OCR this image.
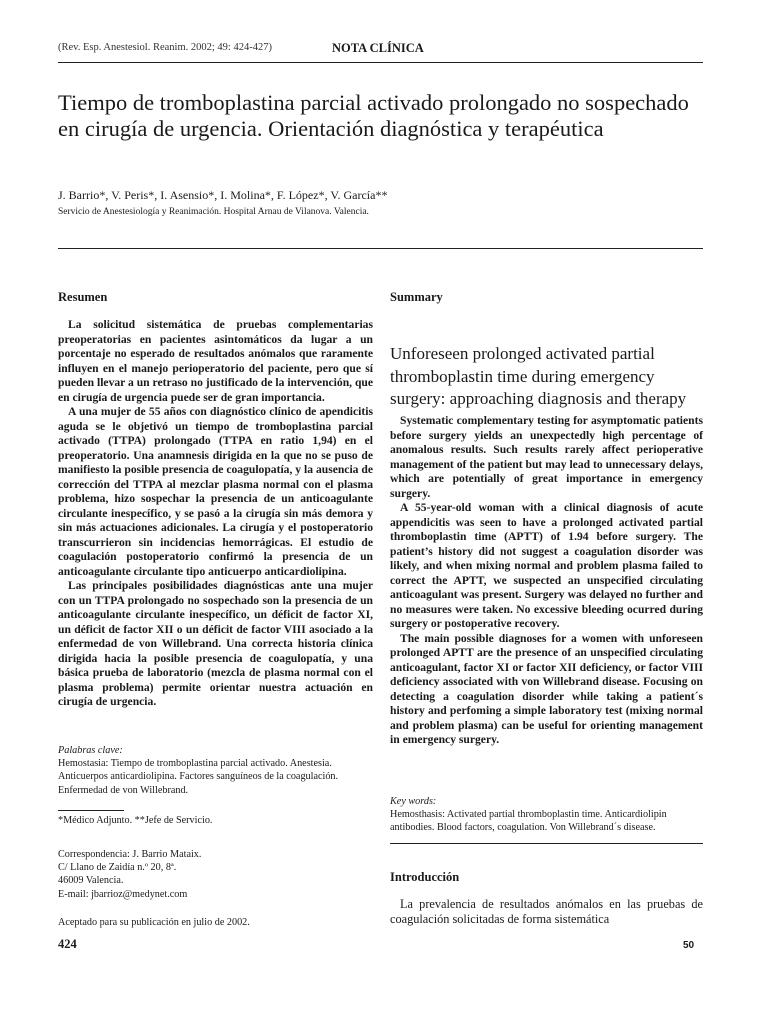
(Rev. Esp. Anestesiol. Reanim. 2002; 49: 424-427)	NOTA CLÍNICA
Tiempo de tromboplastina parcial activado prolongado no sospechado en cirugía de urgencia. Orientación diagnóstica y terapéutica
J. Barrio*, V. Peris*, I. Asensio*, I. Molina*, F. López*, V. García**
Servicio de Anestesiología y Reanimación. Hospital Arnau de Vilanova. Valencia.
Resumen

La solicitud sistemática de pruebas complementarias preoperatorias en pacientes asintomáticos da lugar a un porcentaje no esperado de resultados anómalos que raramente influyen en el manejo perioperatorio del paciente, pero que sí pueden llevar a un retraso no justificado de la intervención, que en cirugía de urgencia puede ser de gran importancia.

A una mujer de 55 años con diagnóstico clínico de apendicitis aguda se le objetivó un tiempo de tromboplastina parcial activado (TTPA) prolongado (TTPA en ratio 1,94) en el preoperatorio. Una anamnesis dirigida en la que no se puso de manifiesto la posible presencia de coagulopatía, y la ausencia de corrección del TTPA al mezclar plasma normal con el plasma problema, hizo sospechar la presencia de un anticoagulante circulante inespecífico, y se pasó a la cirugía sin más demora y sin más actuaciones adicionales. La cirugía y el postoperatorio transcurrieron sin incidencias hemorrágicas. El estudio de coagulación postoperatorio confirmó la presencia de un anticoagulante circulante tipo anticuerpo anticardiolipina.

Las principales posibilidades diagnósticas ante una mujer con un TTPA prolongado no sospechado son la presencia de un anticoagulante circulante inespecífico, un déficit de factor XI, un déficit de factor XII o un déficit de factor VIII asociado a la enfermedad de von Willebrand. Una correcta historia clínica dirigida hacia la posible presencia de coagulopatía, y una básica prueba de laboratorio (mezcla de plasma normal con el plasma problema) permite orientar nuestra actuación en cirugía de urgencia.

Palabras clave:
Hemostasia: Tiempo de tromboplastina parcial activado. Anestesia. Anticuerpos anticardiolipina. Factores sanguíneos de la coagulación. Enfermedad de von Willebrand.
*Médico Adjunto. **Jefe de Servicio.
Correspondencia: J. Barrio Mataix.
C/ Llano de Zaidía n.º 20, 8ª.
46009 Valencia.
E-mail: jbarrioz@medynet.com
Aceptado para su publicación en julio de 2002.
424
Summary
Unforeseen prolonged activated partial thromboplastin time during emergency surgery: approaching diagnosis and therapy

Systematic complementary testing for asymptomatic patients before surgery yields an unexpectedly high percentage of anomalous results. Such results rarely affect perioperative management of the patient but may lead to unnecessary delays, which are potentially of great importance in emergency surgery.

A 55-year-old woman with a clinical diagnosis of acute appendicitis was seen to have a prolonged activated partial thromboplastin time (APTT) of 1.94 before surgery. The patient’s history did not suggest a coagulation disorder was likely, and when mixing normal and problem plasma failed to correct the APTT, we suspected an unspecified circulating anticoagulant was present. Surgery was delayed no further and no measures were taken. No excessive bleeding ocurred during surgery or postoperative recovery.

The main possible diagnoses for a women with unforeseen prolonged APTT are the presence of an unspecified circulating anticoagulant, factor XI or factor XII deficiency, or factor VIII deficiency associated with von Willebrand disease. Focusing on detecting a coagulation disorder while taking a patient´s history and perfoming a simple laboratory test (mixing normal and problem plasma) can be useful for orienting management in emergency surgery.

Key words:
Hemosthasis: Activated partial thromboplastin time. Anticardiolipin antibodies. Blood factors, coagulation. Von Willebrand´s disease.
Introducción

La prevalencia de resultados anómalos en las pruebas de coagulación solicitadas de forma sistemática

50
